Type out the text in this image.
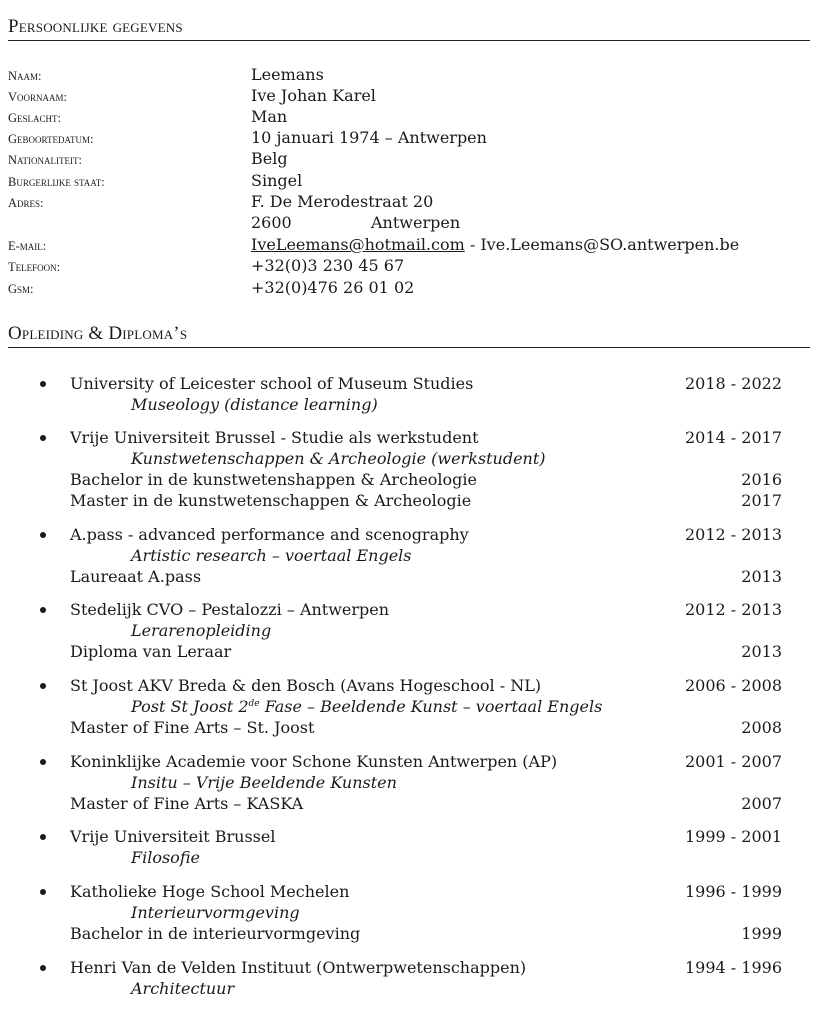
Persoonlijke gegevens
Naam:	Leemans
Voornaam:	Ive Johan Karel
Geslacht:	Man
Geboortedatum:	10 januari 1974 – Antwerpen
Nationaliteit:	Belg
Burgerlijke staat:	Singel
Adres:	F. De Merodestraat 20
2600	Antwerpen
E-mail:	IveLeemans@hotmail.com - Ive.Leemans@SO.antwerpen.be
Telefoon:	+32(0)3 230 45 67
Gsm:	+32(0)476 26 01 02
Opleiding & Diploma’s
University of Leicester school of Museum Studies	2018 - 2022
Museology (distance learning)
Vrije Universiteit Brussel - Studie als werkstudent	2014 - 2017
Kunstwetenschappen & Archeologie (werkstudent)
Bachelor in de kunstwetenshappen & Archeologie	2016
Master in de kunstwetenschappen & Archeologie	2017
A.pass - advanced performance and scenography	2012 - 2013
Artistic research – voertaal Engels
Laureaat A.pass	2013
Stedelijk CVO – Pestalozzi – Antwerpen	2012 - 2013
Lerarenopleiding
Diploma van Leraar	2013
St Joost AKV Breda & den Bosch (Avans Hogeschool - NL)	2006 - 2008
Post St Joost 2de Fase – Beeldende Kunst – voertaal Engels
Master of Fine Arts – St. Joost	2008
Koninklijke Academie voor Schone Kunsten Antwerpen (AP)	2001 - 2007
Insitu – Vrije Beeldende Kunsten
Master of Fine Arts – KASKA	2007
Vrije Universiteit Brussel	1999 - 2001
Filosofie
Katholieke Hoge School Mechelen	1996 - 1999
Interieurvormgeving
Bachelor in de interieurvormgeving	1999
Henri Van de Velden Instituut (Ontwerpwetenschappen)	1994 - 1996
Architectuur
